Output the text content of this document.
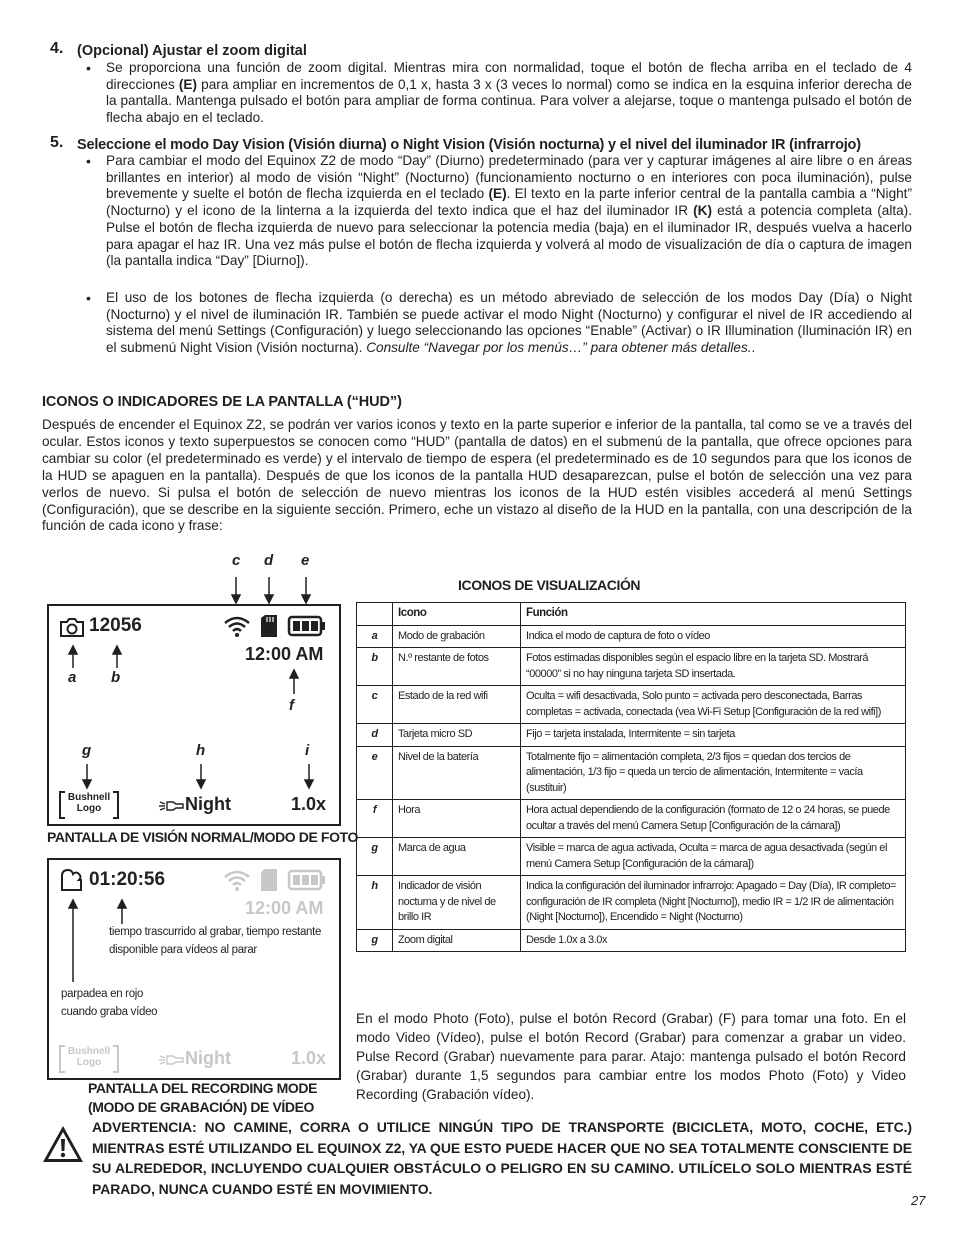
4. (Opcional) Ajustar el zoom digital
• Se proporciona una función de zoom digital. Mientras mira con normalidad, toque el botón de flecha arriba en el teclado de 4 direcciones (E) para ampliar en incrementos de 0,1 x, hasta 3 x (3 veces lo normal) como se indica en la esquina inferior derecha de la pantalla. Mantenga pulsado el botón para ampliar de forma continua. Para volver a alejarse, toque o mantenga pulsado el botón de flecha abajo en el teclado.
5. Seleccione el modo Day Vision (Visión diurna) o Night Vision (Visión nocturna) y el nivel del iluminador IR (infrarrojo)
• Para cambiar el modo del Equinox Z2 de modo “Day” (Diurno) predeterminado (para ver y capturar imágenes al aire libre o en áreas brillantes en interior) al modo de visión “Night” (Nocturno) (funcionamiento nocturno o en interiores con poca iluminación), pulse brevemente y suelte el botón de flecha izquierda en el teclado (E). El texto en la parte inferior central de la pantalla cambia a “Night” (Nocturno) y el icono de la linterna a la izquierda del texto indica que el haz del iluminador IR (K) está a potencia completa (alta). Pulse el botón de flecha izquierda de nuevo para seleccionar la potencia media (baja) en el iluminador IR, después vuelva a hacerlo para apagar el haz IR. Una vez más pulse el botón de flecha izquierda y volverá al modo de visualización de día o captura de imagen (la pantalla indica “Day” [Diurno]).
• El uso de los botones de flecha izquierda (o derecha) es un método abreviado de selección de los modos Day (Día) o Night (Nocturno) y el nivel de iluminación IR. También se puede activar el modo Night (Nocturno) y configurar el nivel de IR accediendo al sistema del menú Settings (Configuración) y luego seleccionando las opciones “Enable” (Activar) o IR Illumination (Iluminación IR) en el submenú Night Vision (Visión nocturna). Consulte “Navegar por los menús…” para obtener más detalles..
ICONOS O INDICADORES DE LA PANTALLA (“HUD”)
Después de encender el Equinox Z2, se podrán ver varios iconos y texto en la parte superior e inferior de la pantalla, tal como se ve a través del ocular. Estos iconos y texto superpuestos se conocen como “HUD” (pantalla de datos) en el submenú de la pantalla, que ofrece opciones para cambiar su color (el predeterminado es verde) y el intervalo de tiempo de espera (el predeterminado es de 10 segundos para que los iconos de la HUD se apaguen en la pantalla). Después de que los iconos de la pantalla HUD desaparezcan, pulse el botón de selección una vez para verlos de nuevo. Si pulsa el botón de selección de nuevo mientras los iconos de la HUD estén visibles accederá al menú Settings (Configuración), que se describe en la siguiente sección. Primero, eche un vistazo al diseño de la HUD en la pantalla, con una descripción de la función de cada icono y frase:
c d e
12056
12:00 AM
a b
f
g	h	i
Bushnell
Logo	Night	1.0x
PANTALLA DE VISIÓN NORMAL/MODO DE FOTO
01:20:56
12:00 AM
tiempo trascurrido al grabar, tiempo restante disponible para vídeos al parar
parpadea en rojo cuando graba vídeo
Bushnell
Logo	Night	1.0x
PANTALLA DEL RECORDING MODE
(MODO DE GRABACIÓN) DE VÍDEO
ICONOS DE VISUALIZACIÓN
	Icono	Función
a	Modo de grabación	Indica el modo de captura de foto o vídeo
b	N.º restante de fotos	Fotos estimadas disponibles según el espacio libre en la tarjeta SD. Mostrará “00000” si no hay ninguna tarjeta SD insertada.
c	Estado de la red wifi	Oculta = wifi desactivada, Solo punto = activada pero desconectada, Barras completas = activada, conectada (vea Wi-Fi Setup [Configuración de la red wifi])
d	Tarjeta micro SD	Fijo = tarjeta instalada, Intermitente = sin tarjeta
e	Nivel de la batería	Totalmente fijo = alimentación completa, 2/3 fijos = quedan dos tercios de alimentación, 1/3 fijo = queda un tercio de alimentación, Intermitente = vacía (sustituir)
f	Hora	Hora actual dependiendo de la configuración (formato de 12 o 24 horas, se puede ocultar a través del menú Camera Setup [Configuración de la cámara])
g	Marca de agua	Visible = marca de agua activada, Oculta = marca de agua desactivada (según el menú Camera Setup [Configuración de la cámara])
h	Indicador de visión nocturna y de nivel de brillo IR	Indica la configuración del iluminador infrarrojo: Apagado = Day (Día), IR completo= configuración de IR completa (Night [Nocturno]), medio IR = 1/2 IR de alimentación (Night [Nocturno]), Encendido = Night (Nocturno)
g	Zoom digital	Desde 1.0x a 3.0x
En el modo Photo (Foto), pulse el botón Record (Grabar) (F) para tomar una foto. En el modo Video (Vídeo), pulse el botón Record (Grabar) para comenzar a grabar un video. Pulse Record (Grabar) nuevamente para parar. Atajo: mantenga pulsado el botón Record (Grabar) durante 1,5 segundos para cambiar entre los modos Photo (Foto) y Video Recording (Grabación vídeo).
ADVERTENCIA: NO CAMINE, CORRA O UTILICE NINGÚN TIPO DE TRANSPORTE (BICICLETA, MOTO, COCHE, ETC.) MIENTRAS ESTÉ UTILIZANDO EL EQUINOX Z2, YA QUE ESTO PUEDE HACER QUE NO SEA TOTALMENTE CONSCIENTE DE SU ALREDEDOR, INCLUYENDO CUALQUIER OBSTÁCULO O PELIGRO EN SU CAMINO. UTILÍCELO SOLO MIENTRAS ESTÉ PARADO, NUNCA CUANDO ESTÉ EN MOVIMIENTO.
27
